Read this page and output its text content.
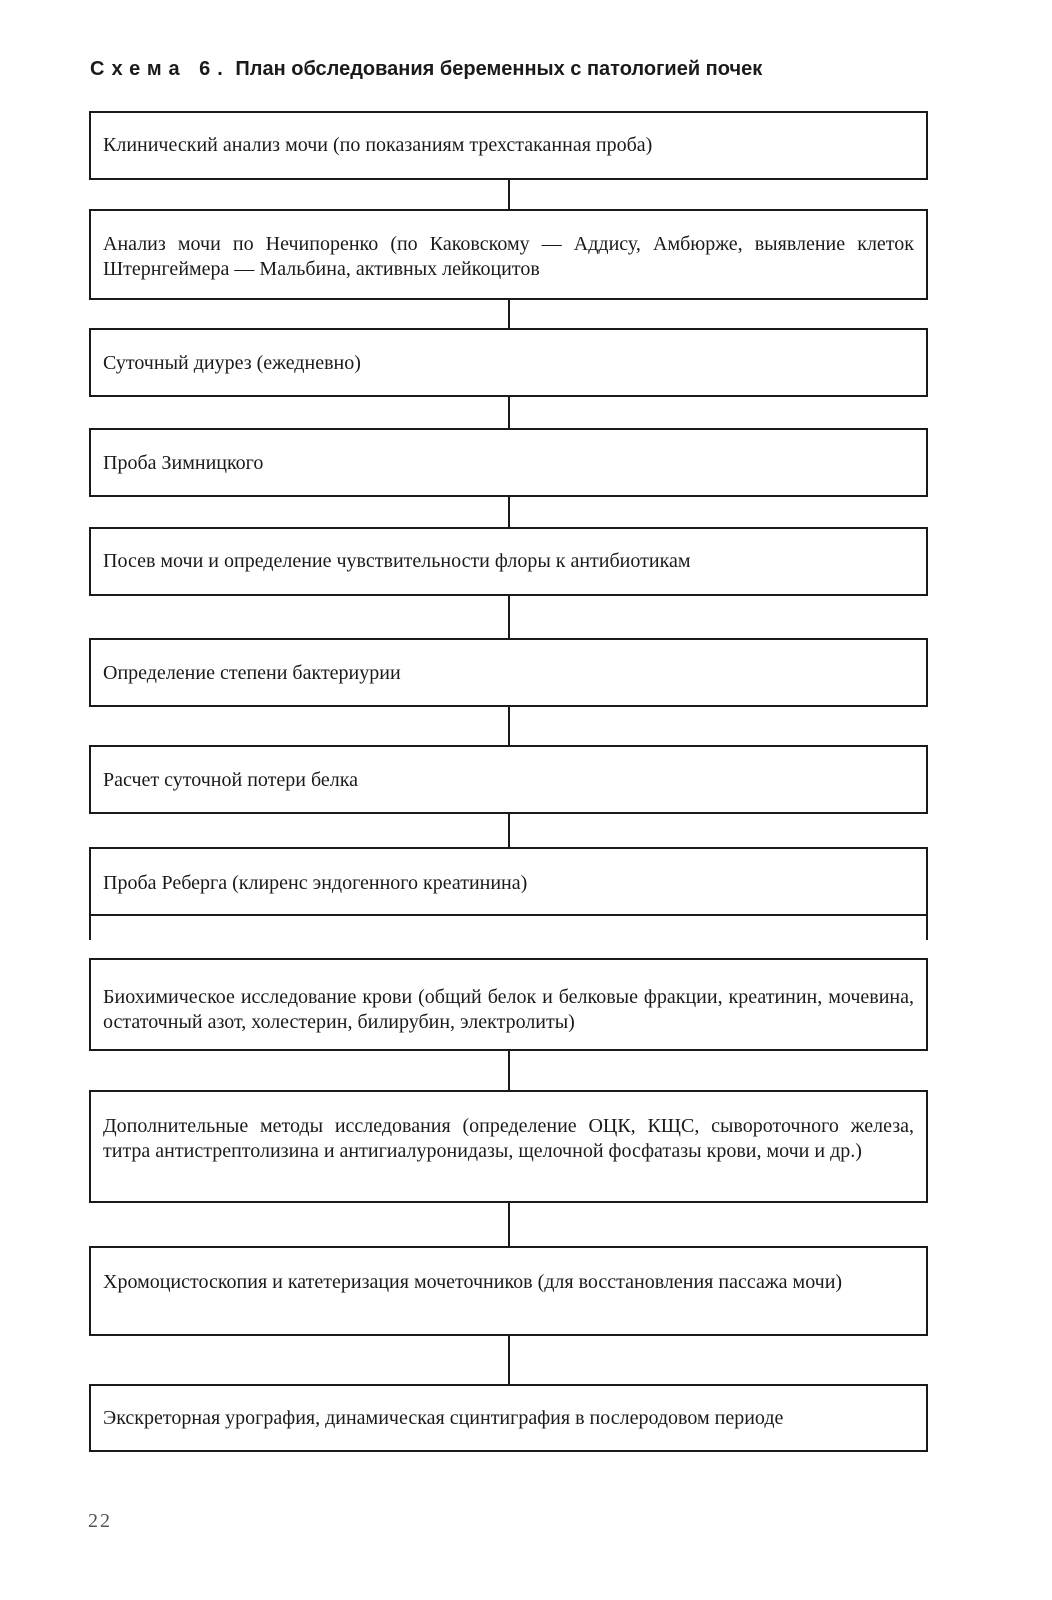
Схема 6. План обследования беременных с патологией почек
Клинический анализ мочи (по показаниям трехстаканная проба)
Анализ мочи по Нечипоренко (по Каковскому — Аддису, Амбюрже, выявление клеток Штернгеймера — Мальбина, активных лейкоцитов
Суточный диурез (ежедневно)
Проба Зимницкого
Посев мочи и определение чувствительности флоры к антибиотикам
Определение степени бактериурии
Расчет суточной потери белка
Проба Реберга (клиренс эндогенного креатинина)
Биохимическое исследование крови (общий белок и белковые фракции, креатинин, мочевина, остаточный азот, холестерин, билирубин, электролиты)
Дополнительные методы исследования (определение ОЦК, КЩС, сывороточного железа, титра антистрептолизина и антигиалуронидазы, щелочной фосфатазы крови, мочи и др.)
Хромоцистоскопия и катетеризация мочеточников (для восстановления пассажа мочи)
Экскреторная урография, динамическая сцинтиграфия в послеродовом периоде
22
